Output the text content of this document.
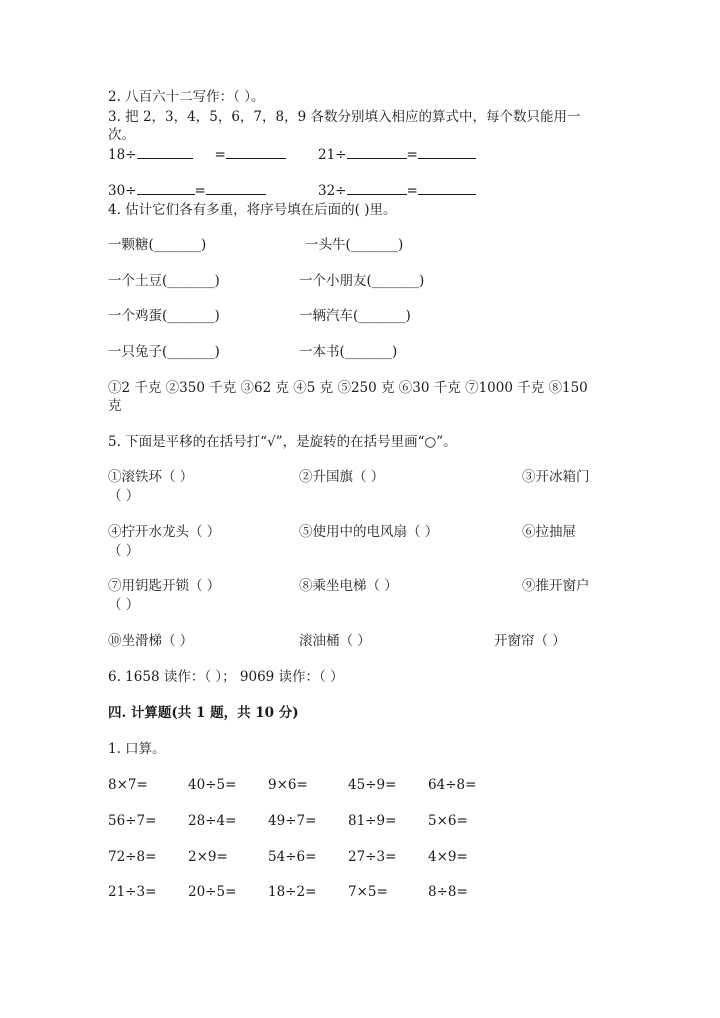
2. 八百六十二写作：（ ）。
3. 把 2，3，4，5，6，7，8，9 各数分别填入相应的算式中，每个数只能用一
次。
18÷	=	21÷	=
30÷	=	32÷	=
4. 估计它们各有多重，将序号填在后面的( )里。
一颗糖(_______)	一头牛(_______)
一个土豆(_______)	一个小朋友(_______)
一个鸡蛋(_______)	一辆汽车(_______)
一只兔子(_______)	一本书(_______)
①2 千克 ②350 千克 ③62 克 ④5 克 ⑤250 克 ⑥30 千克 ⑦1000 千克 ⑧150
克
5. 下面是平移的在括号打“√”，是旋转的在括号里画“○”。
①滚铁环（ ）	②升国旗（ ）	③开冰箱门
（ ）
④拧开水龙头（ ）	⑤使用中的电风扇（ ）	⑥拉抽屉
（ ）
⑦用钥匙开锁（ ）	⑧乘坐电梯（ ）	⑨推开窗户
（ ）
⑩坐滑梯（ ）	滚油桶（ ）	开窗帘（ ）
6. 1658 读作：（ ）； 9069 读作：（ ）
四. 计算题(共 1 题，共 10 分)
1. 口算。
8×7=	40÷5= 9×6=	45÷9= 64÷8=
56÷7= 28÷4= 49÷7= 81÷9= 5×6=
72÷8= 2×9=	54÷6= 27÷3= 4×9=
21÷3= 20÷5= 18÷2= 7×5=	8÷8=
